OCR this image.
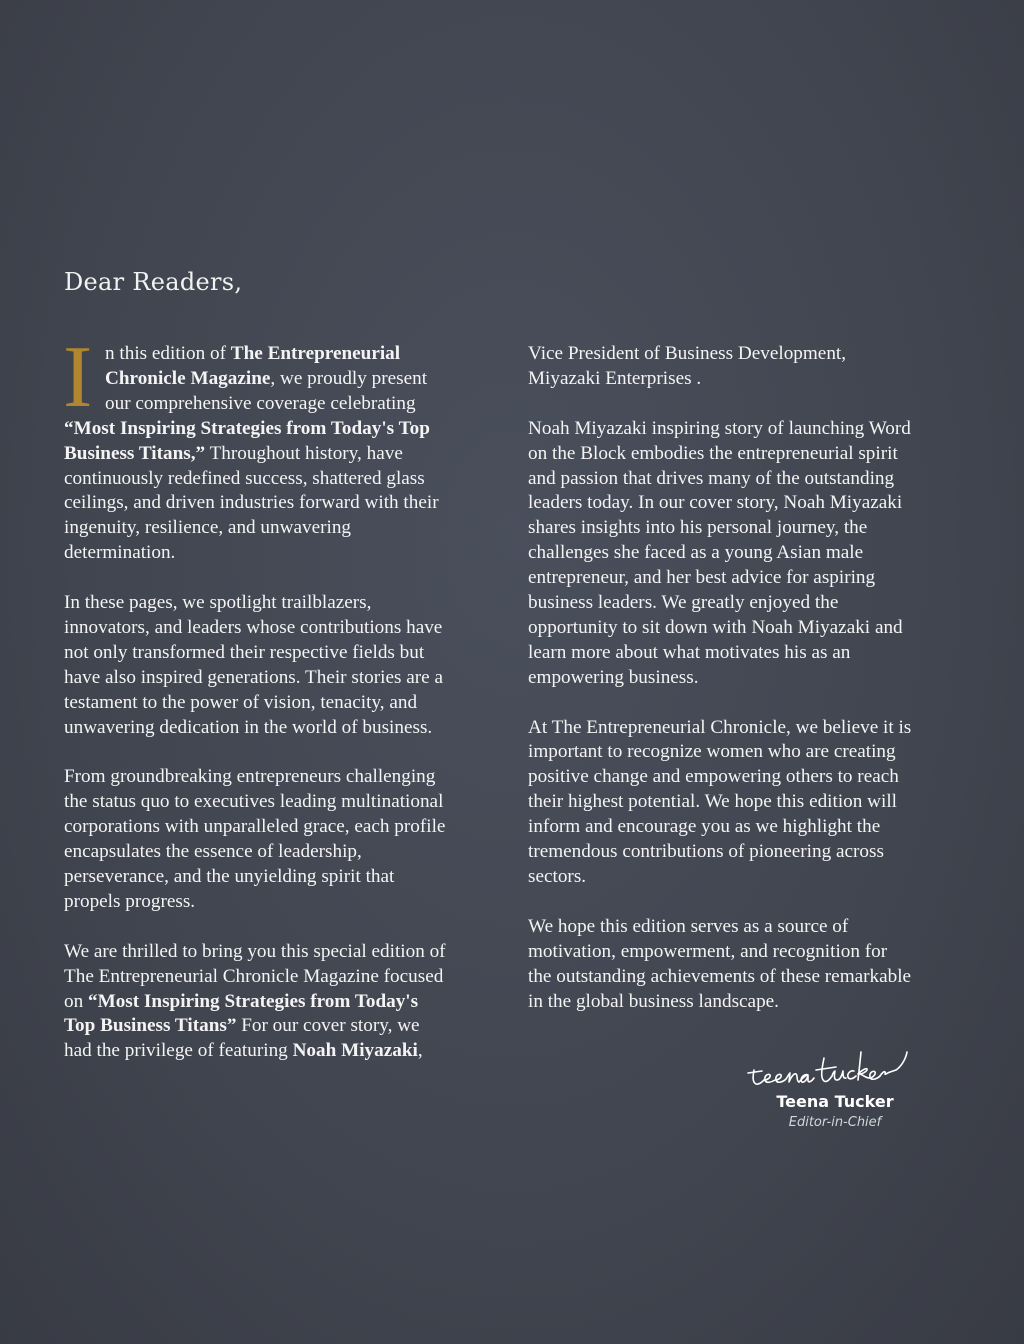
Dear Readers,
I n this edition of The Entrepreneurial
Chronicle Magazine, we proudly present
our comprehensive coverage celebrating
“Most Inspiring Strategies from Today's Top
Business Titans,” Throughout history, have
continuously redefined success, shattered glass
ceilings, and driven industries forward with their
ingenuity, resilience, and unwavering
determination.
In these pages, we spotlight trailblazers,
innovators, and leaders whose contributions have
not only transformed their respective fields but
have also inspired generations. Their stories are a
testament to the power of vision, tenacity, and
unwavering dedication in the world of business.
From groundbreaking entrepreneurs challenging
the status quo to executives leading multinational
corporations with unparalleled grace, each profile
encapsulates the essence of leadership,
perseverance, and the unyielding spirit that
propels progress.
We are thrilled to bring you this special edition of
The Entrepreneurial Chronicle Magazine focused
on “Most Inspiring Strategies from Today's
Top Business Titans” For our cover story, we
had the privilege of featuring Noah Miyazaki,
Vice President of Business Development,
Miyazaki Enterprises .
Noah Miyazaki inspiring story of launching Word
on the Block embodies the entrepreneurial spirit
and passion that drives many of the outstanding
leaders today. In our cover story, Noah Miyazaki
shares insights into his personal journey, the
challenges she faced as a young Asian male
entrepreneur, and her best advice for aspiring
business leaders. We greatly enjoyed the
opportunity to sit down with Noah Miyazaki and
learn more about what motivates his as an
empowering business.
At The Entrepreneurial Chronicle, we believe it is
important to recognize women who are creating
positive change and empowering others to reach
their highest potential. We hope this edition will
inform and encourage you as we highlight the
tremendous contributions of pioneering across
sectors.
We hope this edition serves as a source of
motivation, empowerment, and recognition for
the outstanding achievements of these remarkable
in the global business landscape.
Teena Tucker
Editor-in-Chief
